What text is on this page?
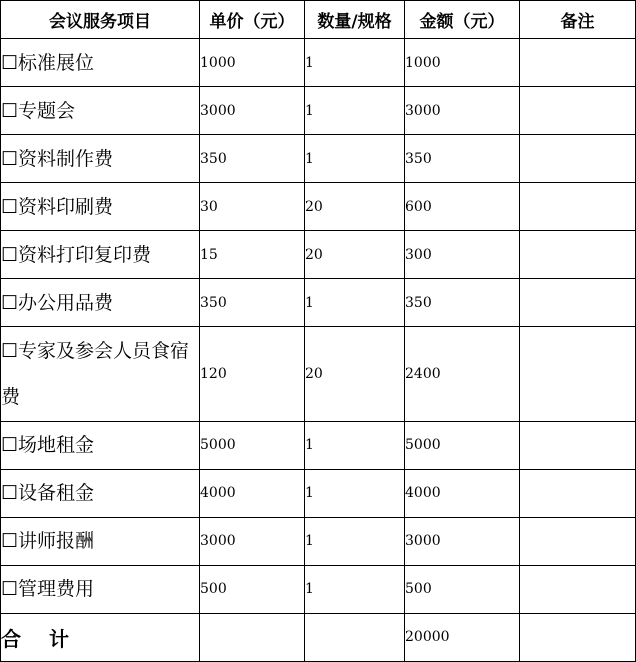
会议服务项目	单价（元）	数量/规格	金额（元）	备注
☐标准展位	1000	1	1000	
☐专题会	3000	1	3000	
☐资料制作费	350	1	350	
☐资料印刷费	30	20	600	
☐资料打印复印费	15	20	300	
☐办公用品费	350	1	350	
☐专家及参会人员食宿费	120	20	2400	
☐场地租金	5000	1	5000	
☐设备租金	4000	1	4000	
☐讲师报酬	3000	1	3000	
☐管理费用	500	1	500	
合 计			20000	
